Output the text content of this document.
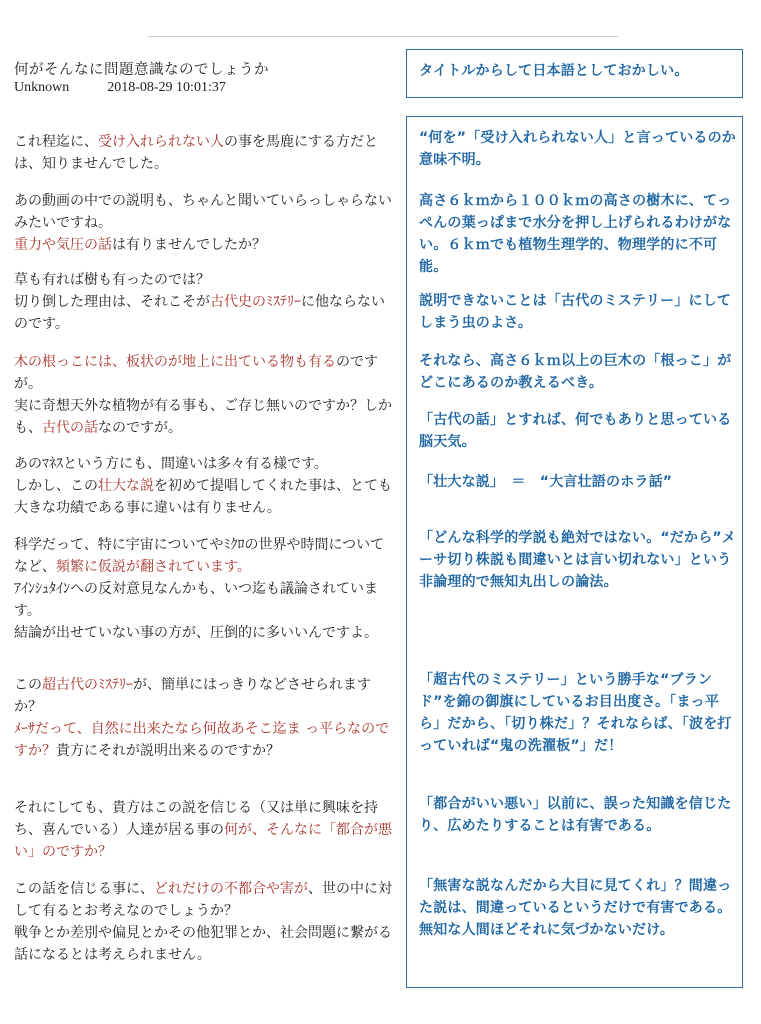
何がそんなに問題意識なのでしょうか
Unknown	2018-08-29 10:01:37
これ程迄に、受け入れられない人の事を馬鹿にする方だとは、知りませんでした。
あの動画の中での説明も、ちゃんと聞いていらっしゃらないみたいですね。
重力や気圧の話は有りませんでしたか？
草も有れば樹も有ったのでは？
切り倒した理由は、それこそが古代史のﾐｽﾃﾘｰに他ならないのです。
木の根っこには、板状のが地上に出ている物も有るのですが。
実に奇想天外な植物が有る事も、ご存じ無いのですか？しかも、古代の話なのですが。
あのﾏﾈｽという方にも、間違いは多々有る様です。
しかし、この壮大な説を初めて提唱してくれた事は、とても大きな功績である事に違いは有りません。
科学だって、特に宇宙についてやﾐｸﾛの世界や時間についてなど、頻繁に仮説が翻されています。
ｱｲﾝｼｭﾀｲﾝへの反対意見なんかも、いつ迄も議論されています。
結論が出せていない事の方が、圧倒的に多いいんですよ。
この超古代のﾐｽﾃﾘｰが、簡単にはっきりなどさせられますか？
ﾒｰｻだって、自然に出来たなら何故あそこ迄ま っ平らなのですか？貴方にそれが説明出来るのですか？
それにしても、貴方はこの説を信じる（又は単に興味を持ち、喜んでいる）人達が居る事の何が、そんなに「都合が悪い」のですか？
この話を信じる事に、どれだけの不都合や害が、世の中に対して有るとお考えなのでしょうか？
戦争とか差別や偏見とかその他犯罪とか、社会問題に繋がる話になるとは考えられません。
タイトルからして日本語としておかしい。
“何を”「受け入れられない人」と言っているのか意味不明。
高さ６ｋｍから１００ｋｍの高さの樹木に、てっぺんの葉っぱまで水分を押し上げられるわけがない。６ｋｍでも植物生理学的、物理学的に不可能。
説明できないことは「古代のミステリー」にしてしまう虫のよさ。
それなら、高さ６ｋｍ以上の巨木の「根っこ」がどこにあるのか教えるべき。
「古代の話」とすれば、何でもありと思っている脳天気。
「壮大な説」　＝　“大言壮語のホラ話”
「どんな科学的学説も絶対ではない。“だから”メーサ切り株説も間違いとは言い切れない」という非論理的で無知丸出しの論法。
「超古代のミステリー」という勝手な“ブランド”を錦の御旗にしているお目出度さ。「まっ平ら」だから、「切り株だ」？それならば、「波を打っていれば“鬼の洗濯板”」だ！
「都合がいい悪い」以前に、誤った知識を信じたり、広めたりすることは有害である。
「無害な説なんだから大目に見てくれ」？間違った説は、間違っているというだけで有害である。無知な人間ほどそれに気づかないだけ。
